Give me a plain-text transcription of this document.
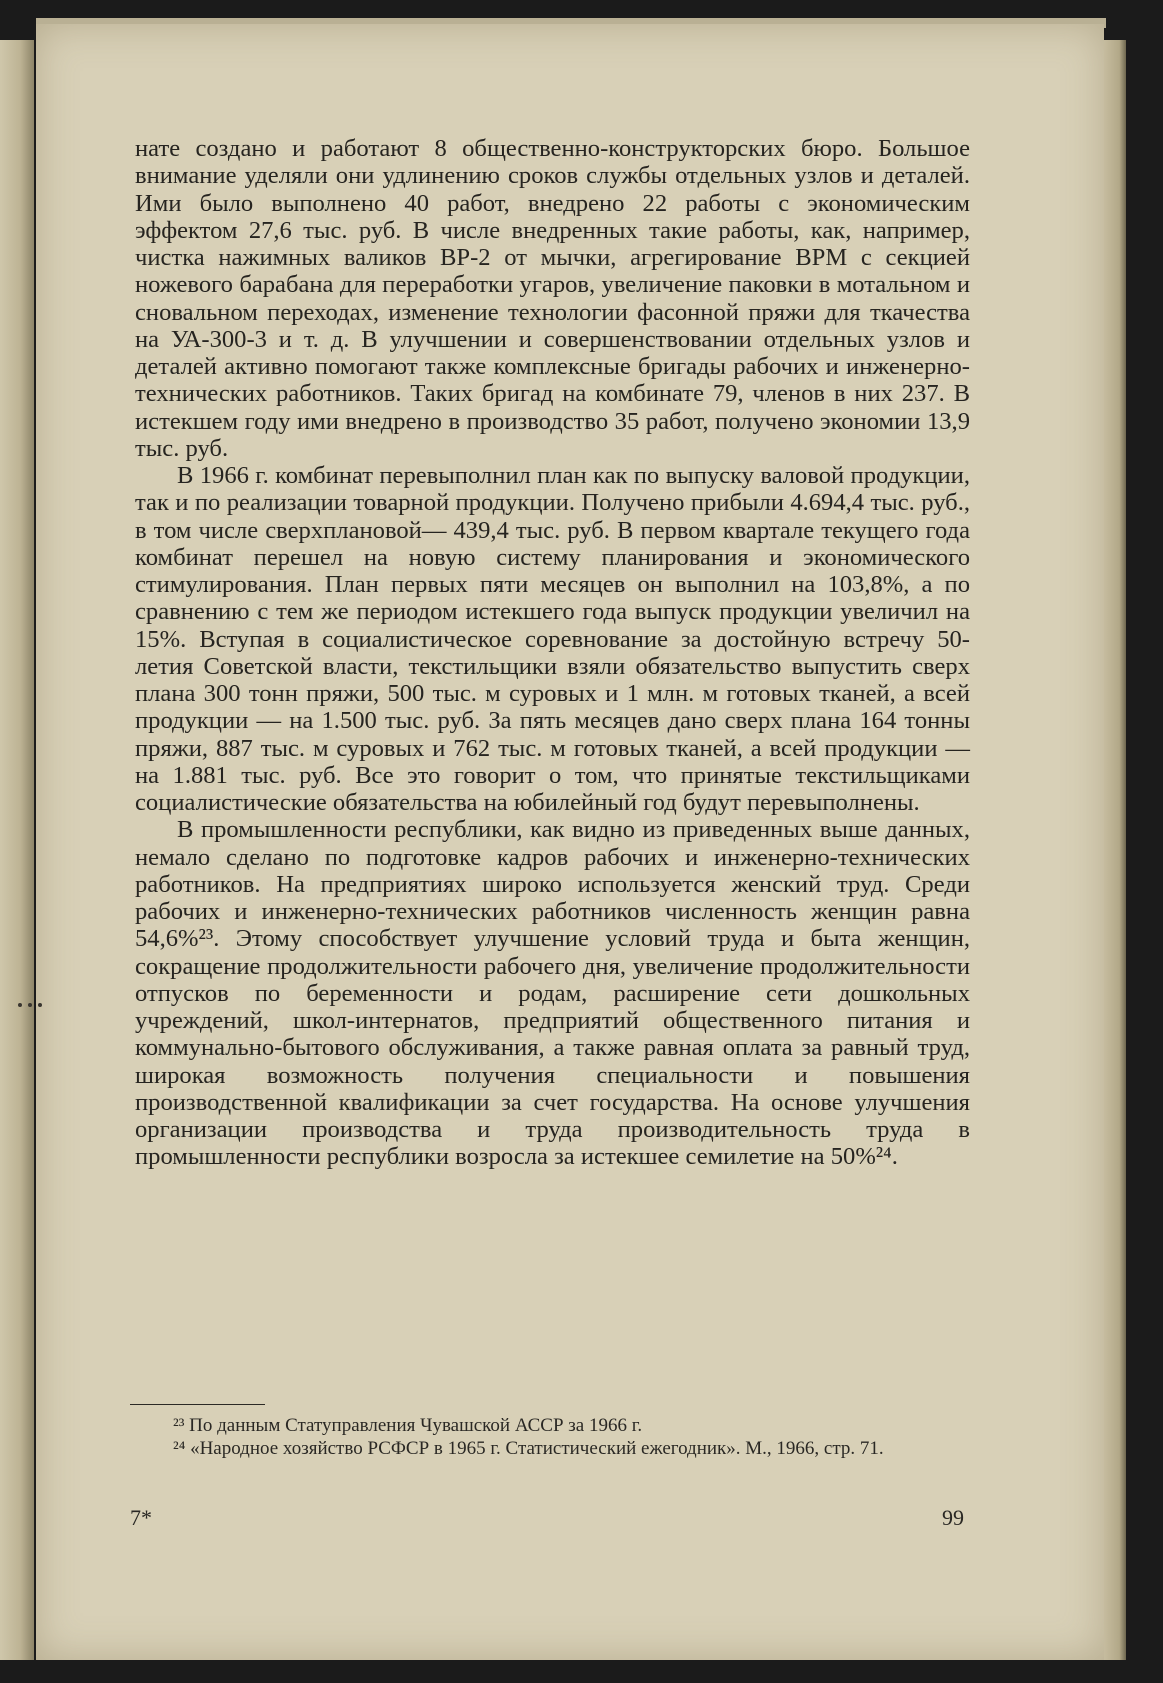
нате создано и работают 8 общественно-конструкторских бюро. Большое внимание уделяли они удлинению сроков службы отдельных узлов и деталей. Ими было выполнено 40 работ, внедрено 22 работы с экономическим эффектом 27,6 тыс. руб. В числе внедренных такие работы, как, например, чистка нажимных валиков ВР-2 от мычки, агрегирование ВРМ с секцией ножевого барабана для переработки угаров, увеличение паковки в мотальном и сновальном переходах, изменение технологии фасонной пряжи для ткачества на УА-300-3 и т. д. В улучшении и совершенствовании отдельных узлов и деталей активно помогают также комплексные бригады рабочих и инженерно-технических работников. Таких бригад на комбинате 79, членов в них 237. В истекшем году ими внедрено в производство 35 работ, получено экономии 13,9 тыс. руб.

В 1966 г. комбинат перевыполнил план как по выпуску валовой продукции, так и по реализации товарной продукции. Получено прибыли 4.694,4 тыс. руб., в том числе сверхплановой— 439,4 тыс. руб. В первом квартале текущего года комбинат перешел на новую систему планирования и экономического стимулирования. План первых пяти месяцев он выполнил на 103,8%, а по сравнению с тем же периодом истекшего года выпуск продукции увеличил на 15%. Вступая в социалистическое соревнование за достойную встречу 50-летия Советской власти, текстильщики взяли обязательство выпустить сверх плана 300 тонн пряжи, 500 тыс. м суровых и 1 млн. м готовых тканей, а всей продукции — на 1.500 тыс. руб. За пять месяцев дано сверх плана 164 тонны пряжи, 887 тыс. м суровых и 762 тыс. м готовых тканей, а всей продукции — на 1.881 тыс. руб. Все это говорит о том, что принятые текстильщиками социалистические обязательства на юбилейный год будут перевыполнены.

В промышленности республики, как видно из приведенных выше данных, немало сделано по подготовке кадров рабочих и инженерно-технических работников. На предприятиях широко используется женский труд. Среди рабочих и инженерно-технических работников численность женщин равна 54,6%²³. Этому способствует улучшение условий труда и быта женщин, сокращение продолжительности рабочего дня, увеличение продолжительности отпусков по беременности и родам, расширение сети дошкольных учреждений, школ-интернатов, предприятий общественного питания и коммунально-бытового обслуживания, а также равная оплата за равный труд, широкая возможность получения специальности и повышения производственной квалификации за счет государства. На основе улучшения организации производства и труда производительность труда в промышленности республики возросла за истекшее семилетие на 50%²⁴.

²³ По данным Статуправления Чувашской АССР за 1966 г.

²⁴ «Народное хозяйство РСФСР в 1965 г. Статистический ежегодник». М., 1966, стр. 71.

7*	99
